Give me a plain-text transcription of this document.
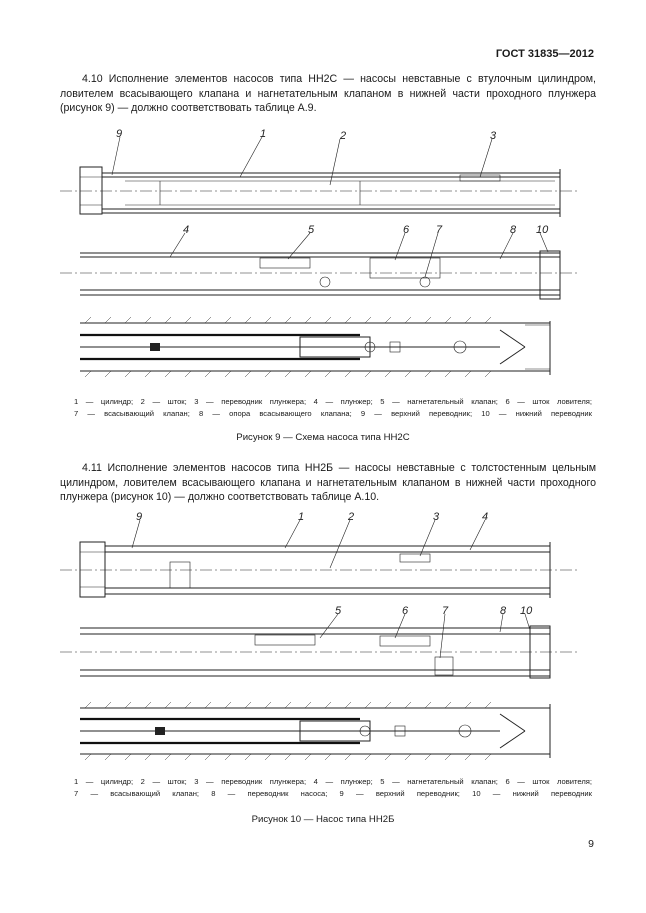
ГОСТ 31835—2012
4.10 Исполнение элементов насосов типа НН2С — насосы невставные с втулочным цилиндром, ловителем всасывающего клапана и нагнетательным клапаном в нижней части проходного плунжера (рисунок 9) — должно соответствовать таблице А.9.
9	1	2	3
4	5	6 7	8 10
1 — цилиндр; 2 — шток; 3 — переводник плунжера; 4 — плунжер; 5 — нагнетательный клапан; 6 — шток ловителя;
7 — всасывающий клапан; 8 — опора всасывающего клапана; 9 — верхний переводник; 10 — нижний переводник
Рисунок 9 — Схема насоса типа НН2С
4.11 Исполнение элементов насосов типа НН2Б — насосы невставные с толстостенным цельным цилиндром, ловителем всасывающего клапана и нагнетательным клапаном в нижней части проходного плунжера (рисунок 10) — должно соответствовать таблице А.10.
9	1	2	3	4
5	6	7	8 10
1 — цилиндр; 2 — шток; 3 — переводник плунжера; 4 — плунжер; 5 — нагнетательный клапан; 6 — шток ловителя;
7 — всасывающий клапан; 8 — переводник насоса; 9 — верхний переводник; 10 — нижний переводник
Рисунок 10 — Насос типа НН2Б
9
